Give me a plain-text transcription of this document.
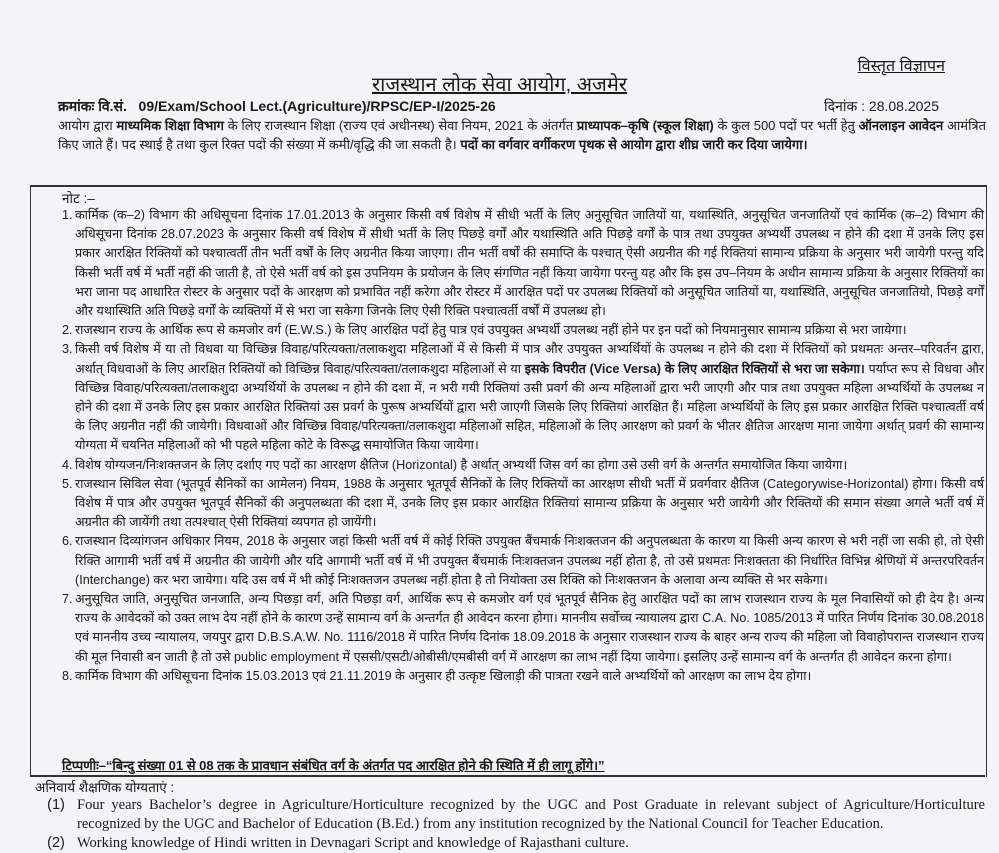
विस्तृत विज्ञापन
राजस्थान लोक सेवा आयोग, अजमेर
क्रमांकः वि.सं. 09/Exam/School Lect.(Agriculture)/RPSC/EP-I/2025-26	दिनांक : 28.08.2025
आयोग द्वारा माध्यमिक शिक्षा विभाग के लिए राजस्थान शिक्षा (राज्य एवं अधीनस्थ) सेवा नियम, 2021 के अंतर्गत प्राध्यापक–कृषि (स्कूल शिक्षा) के कुल 500 पदों पर भर्ती हेतु ऑनलाइन आवेदन आमंत्रित किए जाते हैं। पद स्थाई है तथा कुल रिक्त पदों की संख्या में कमी/वृद्धि की जा सकती है। पदों का वर्गवार वर्गीकरण पृथक से आयोग द्वारा शीघ्र जारी कर दिया जायेगा।
नोट :–
1. कार्मिक (क–2) विभाग की अधिसूचना दिनांक 17.01.2013 के अनुसार किसी वर्ष विशेष में सीधी भर्ती के लिए अनुसूचित जातियों या, यथास्थिति, अनुसूचित जनजातियों एवं कार्मिक (क–2) विभाग की अधिसूचना दिनांक 28.07.2023 के अनुसार किसी वर्ष विशेष में सीधी भर्ती के लिए पिछड़े वर्गों और यथास्थिति अति पिछड़े वर्गों के पात्र तथा उपयुक्त अभ्यर्थी उपलब्ध न होने की दशा में उनके लिए इस प्रकार आरक्षित रिक्तियों को पश्चात्वर्ती तीन भर्ती वर्षों के लिए अग्रनीत किया जाएगा। तीन भर्ती वर्षों की समाप्ति के पश्चात् ऐसी अग्रनीत की गई रिक्तियां सामान्य प्रक्रिया के अनुसार भरी जायेगी परन्तु यदि किसी भर्ती वर्ष में भर्ती नहीं की जाती है, तो ऐसे भर्ती वर्ष को इस उपनियम के प्रयोजन के लिए संगणित नहीं किया जायेगा परन्तु यह और कि इस उप–नियम के अधीन सामान्य प्रक्रिया के अनुसार रिक्तियों का भरा जाना पद आधारित रोस्टर के अनुसार पदों के आरक्षण को प्रभावित नहीं करेगा और रोस्टर में आरक्षित पदों पर उपलब्ध रिक्तियों को अनुसूचित जातियों या, यथास्थिति, अनुसूचित जनजातियो, पिछड़े वर्गों और यथास्थिति अति पिछड़े वर्गों के व्यक्तियों में से भरा जा सकेगा जिनके लिए ऐसी रिक्ति पश्चात्वर्ती वर्षों में उपलब्ध हो।
2. राजस्थान राज्य के आर्थिक रूप से कमजोर वर्ग (E.W.S.) के लिए आरक्षित पदों हेतु पात्र एवं उपयुक्त अभ्यर्थी उपलब्ध नहीं होने पर इन पदों को नियमानुसार सामान्य प्रक्रिया से भरा जायेगा।
3. किसी वर्ष विशेष में या तो विधवा या विच्छिन्न विवाह/परित्यक्ता/तलाकशुदा महिलाओं में से किसी में पात्र और उपयुक्त अभ्यर्थियों के उपलब्ध न होने की दशा में रिक्तियों को प्रथमतः अन्तर–परिवर्तन द्वारा, अर्थात् विधवाओं के लिए आरक्षित रिक्तियों को विच्छिन्न विवाह/परित्यक्ता/तलाकशुदा महिलाओं से या इसके विपरीत (Vice Versa) के लिए आरक्षित रिक्तियों से भरा जा सकेगा। पर्याप्त रूप से विधवा और विच्छिन्न विवाह/परित्यक्ता/तलाकशुदा अभ्यर्थियों के उपलब्ध न होने की दशा में, न भरी गयी रिक्तियां उसी प्रवर्ग की अन्य महिलाओं द्वारा भरी जाएगी और पात्र तथा उपयुक्त महिला अभ्यर्थियों के उपलब्ध न होने की दशा में उनके लिए इस प्रकार आरक्षित रिक्तियां उस प्रवर्ग के पुरूष अभ्यर्थियों द्वारा भरी जाएगी जिसके लिए रिक्तियां आरक्षित हैं। महिला अभ्यर्थियों के लिए इस प्रकार आरक्षित रिक्ति पश्चात्वर्ती वर्ष के लिए अग्रनीत नहीं की जायेगी। विधवाओं और विच्छिन्न विवाह/परित्यक्ता/तलाकशुदा महिलाओं सहित, महिलाओं के लिए आरक्षण को प्रवर्ग के भीतर क्षैतिज आरक्षण माना जायेगा अर्थात् प्रवर्ग की सामान्य योग्यता में चयनित महिलाओं को भी पहले महिला कोटे के विरूद्ध समायोजित किया जायेगा।
4. विशेष योग्यजन/निःशक्तजन के लिए दर्शाए गए पदों का आरक्षण क्षैतिज (Horizontal) है अर्थात् अभ्यर्थी जिस वर्ग का होगा उसे उसी वर्ग के अन्तर्गत समायोजित किया जायेगा।
5. राजस्थान सिविल सेवा (भूतपूर्व सैनिकों का आमेलन) नियम, 1988 के अनुसार भूतपूर्व सैनिकों के लिए रिक्तियों का आरक्षण सीधी भर्ती में प्रवर्गवार क्षैतिज (Categorywise-Horizontal) होगा। किसी वर्ष विशेष में पात्र और उपयुक्त भूतपूर्व सैनिकों की अनुपलब्धता की दशा में, उनके लिए इस प्रकार आरक्षित रिक्तियां सामान्य प्रक्रिया के अनुसार भरी जायेगी और रिक्तियों की समान संख्या अगले भर्ती वर्ष में अग्रनीत की जायेंगी तथा तत्पश्चात् ऐसी रिक्तियां व्यपगत हो जायेंगी।
6. राजस्थान दिव्यांगजन अधिकार नियम, 2018 के अनुसार जहां किसी भर्ती वर्ष में कोई रिक्ति उपयुक्त बैंचमार्क निःशक्तजन की अनुपलब्धता के कारण या किसी अन्य कारण से भरी नहीं जा सकी हो, तो ऐसी रिक्ति आगामी भर्ती वर्ष में अग्रनीत की जायेगी और यदि आगामी भर्ती वर्ष में भी उपयुक्त बैंचमार्क निःशक्तजन उपलब्ध नहीं होता है, तो उसे प्रथमतः निःशक्तता की निर्धारित विभिन्न श्रेणियों में अन्तरपरिवर्तन (Interchange) कर भरा जायेगा। यदि उस वर्ष में भी कोई निःशक्तजन उपलब्ध नहीं होता है तो नियोक्ता उस रिक्ति को निःशक्तजन के अलावा अन्य व्यक्ति से भर सकेगा।
7. अनुसूचित जाति, अनुसूचित जनजाति, अन्य पिछड़ा वर्ग, अति पिछड़ा वर्ग, आर्थिक रूप से कमजोर वर्ग एवं भूतपूर्व सैनिक हेतु आरक्षित पदों का लाभ राजस्थान राज्य के मूल निवासियों को ही देय है। अन्य राज्य के आवेदकों को उक्त लाभ देय नहीं होने के कारण उन्हें सामान्य वर्ग के अन्तर्गत ही आवेदन करना होगा। माननीय सर्वोच्च न्यायालय द्वारा C.A. No. 1085/2013 में पारित निर्णय दिनांक 30.08.2018 एवं माननीय उच्च न्यायालय, जयपुर द्वारा D.B.S.A.W. No. 1116/2018 में पारित निर्णय दिनांक 18.09.2018 के अनुसार राजस्थान राज्य के बाहर अन्य राज्य की महिला जो विवाहोपरान्त राजस्थान राज्य की मूल निवासी बन जाती है तो उसे public employment में एससी/एसटी/ओबीसी/एमबीसी वर्ग में आरक्षण का लाभ नहीं दिया जायेगा। इसलिए उन्हें सामान्य वर्ग के अन्तर्गत ही आवेदन करना होगा।
8. कार्मिक विभाग की अधिसूचना दिनांक 15.03.2013 एवं 21.11.2019 के अनुसार ही उत्कृष्ट खिलाड़ी की पात्रता रखने वाले अभ्यर्थियों को आरक्षण का लाभ देय होगा।
टिप्पणीः–“बिन्दु संख्या 01 से 08 तक के प्रावधान संबंधित वर्ग के अंतर्गत पद आरक्षित होने की स्थिति में ही लागू होंगे।”
अनिवार्य शैक्षणिक योग्यताएं :
(1) Four years Bachelor’s degree in Agriculture/Horticulture recognized by the UGC and Post Graduate in relevant subject of Agriculture/Horticulture recognized by the UGC and Bachelor of Education (B.Ed.) from any institution recognized by the National Council for Teacher Education.
(2) Working knowledge of Hindi written in Devnagari Script and knowledge of Rajasthani culture.
